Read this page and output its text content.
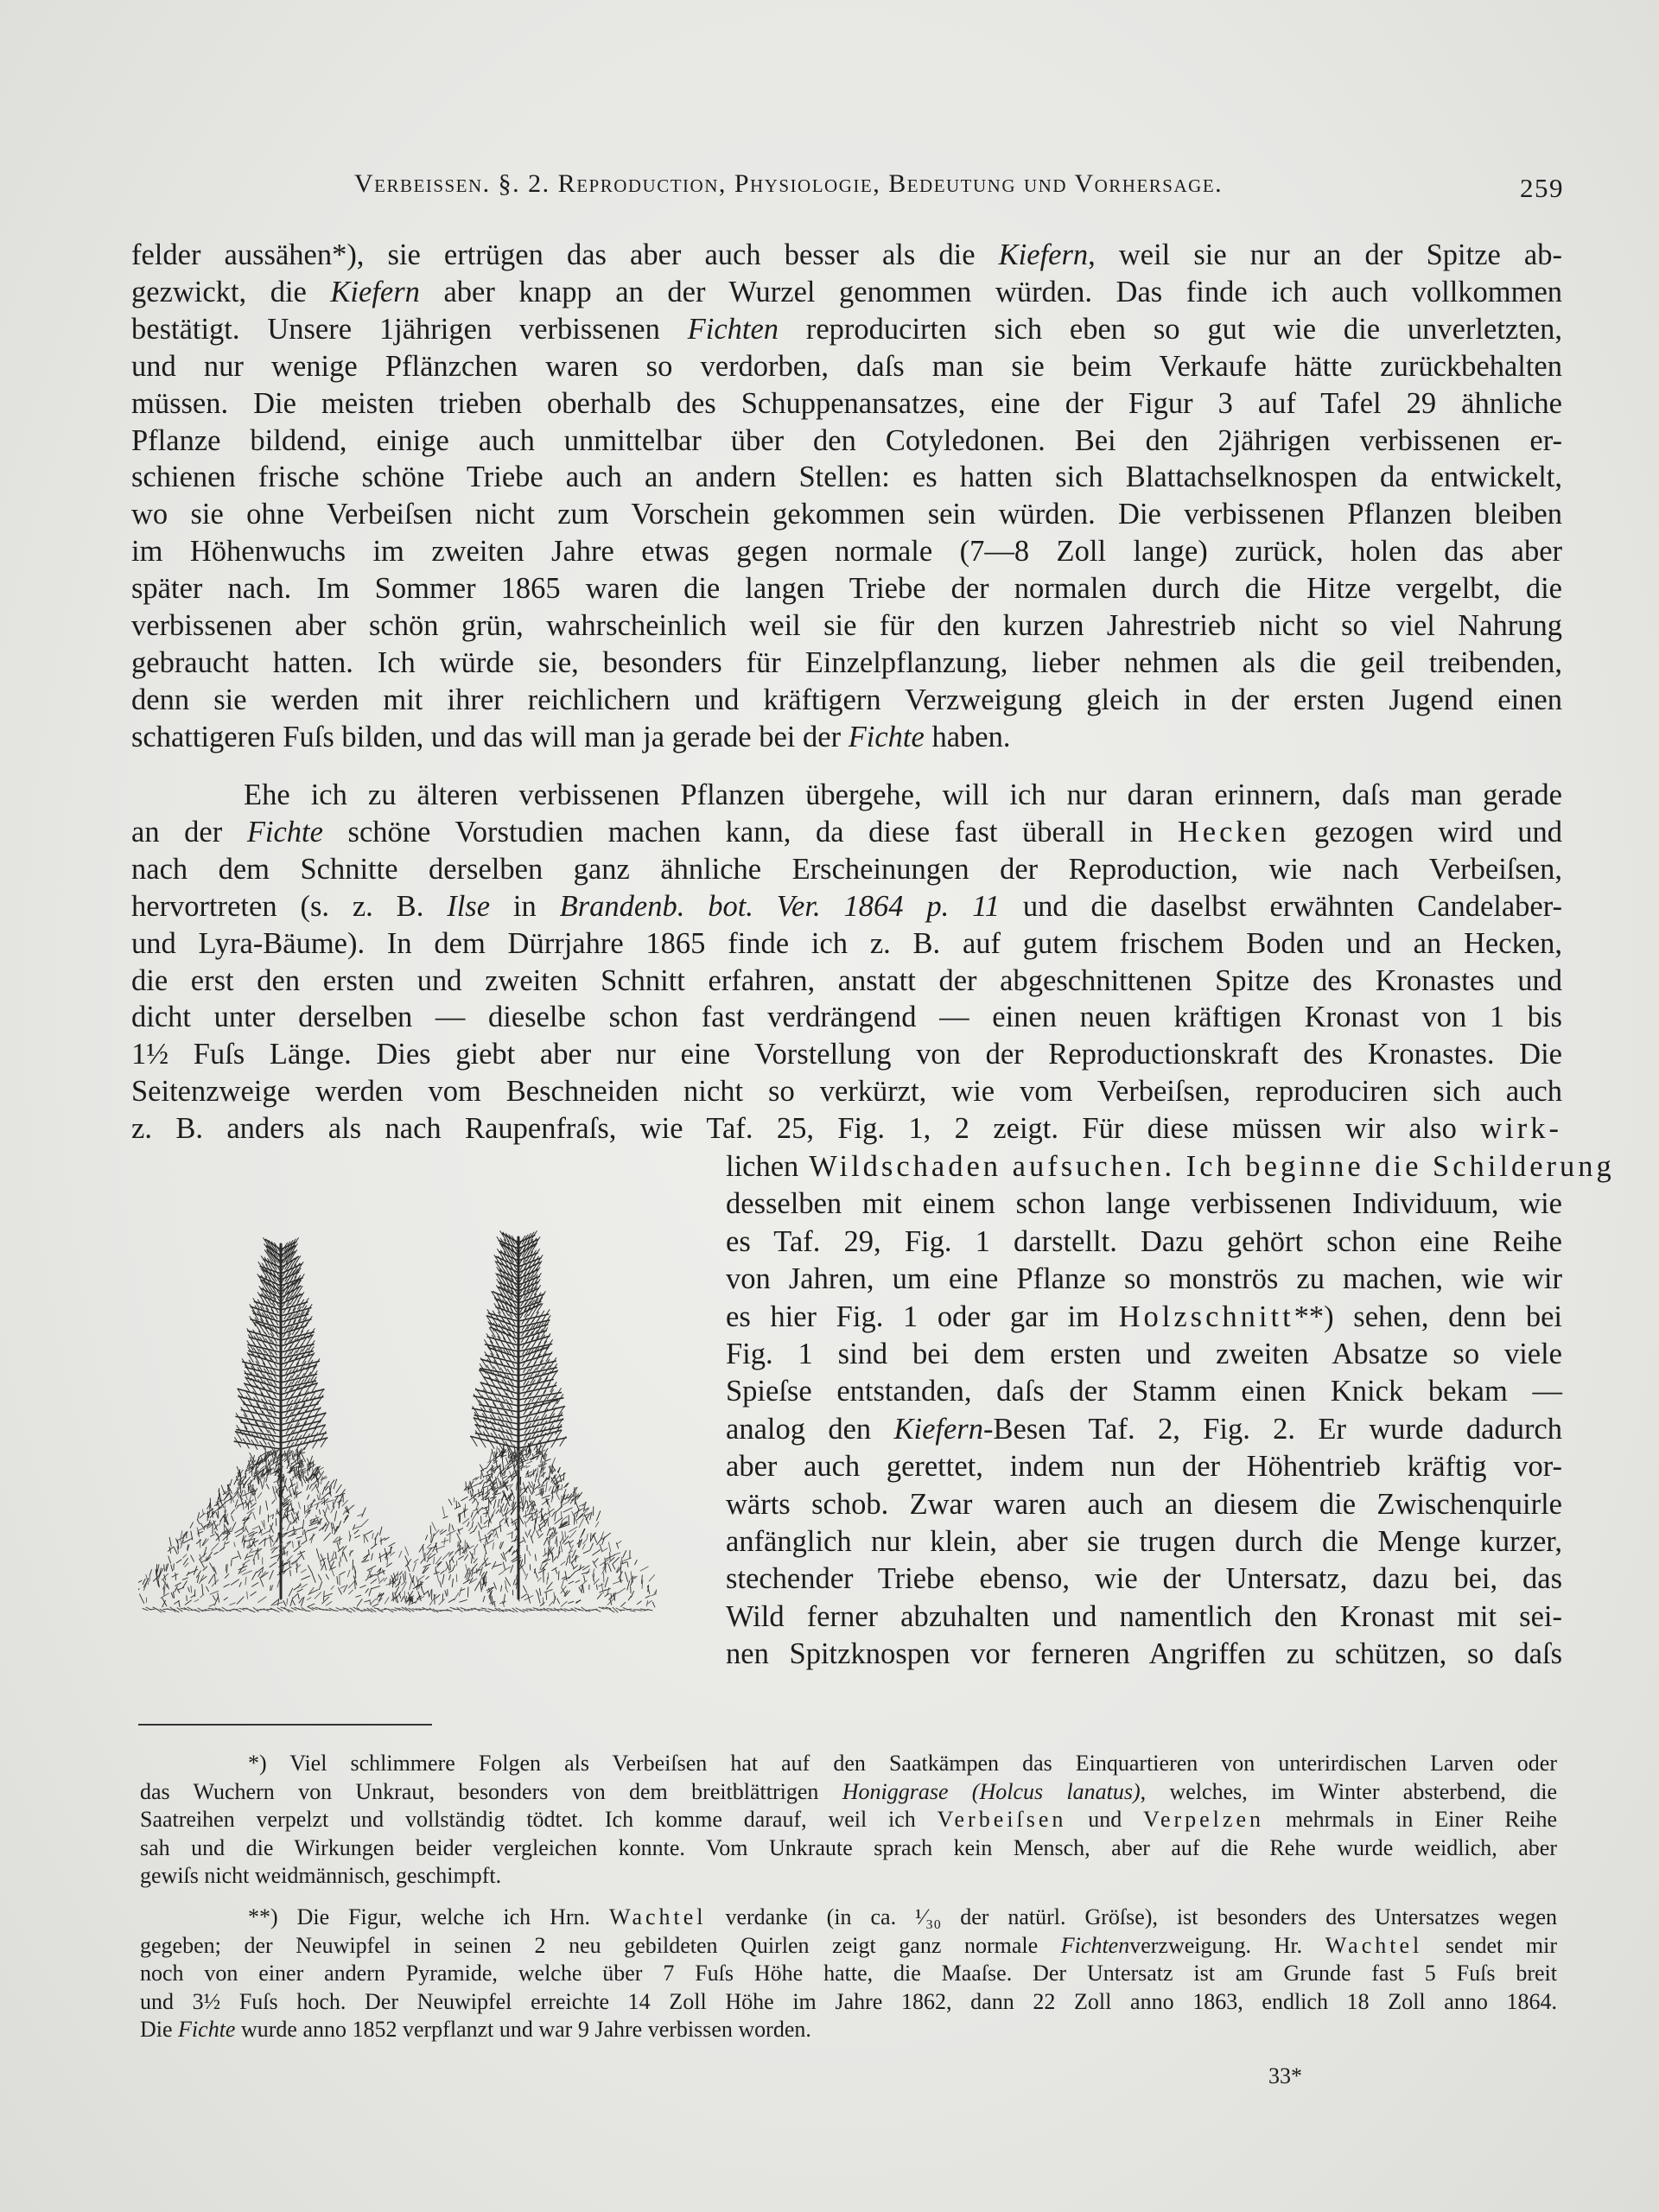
Verbeissen. §. 2. Reproduction, Physiologie, Bedeutung und Vorhersage.	259
felder aussähen*), sie ertrügen das aber auch besser als die Kiefern, weil sie nur an der Spitze ab-
gezwickt, die Kiefern aber knapp an der Wurzel genommen würden. Das finde ich auch vollkommen
bestätigt. Unsere 1jährigen verbissenen Fichten reproducirten sich eben so gut wie die unverletzten,
und nur wenige Pflänzchen waren so verdorben, daſs man sie beim Verkaufe hätte zurückbehalten
müssen. Die meisten trieben oberhalb des Schuppenansatzes, eine der Figur 3 auf Tafel 29 ähnliche
Pflanze bildend, einige auch unmittelbar über den Cotyledonen. Bei den 2jährigen verbissenen er-
schienen frische schöne Triebe auch an andern Stellen: es hatten sich Blattachselknospen da entwickelt,
wo sie ohne Verbeiſsen nicht zum Vorschein gekommen sein würden. Die verbissenen Pflanzen bleiben
im Höhenwuchs im zweiten Jahre etwas gegen normale (7—8 Zoll lange) zurück, holen das aber
später nach. Im Sommer 1865 waren die langen Triebe der normalen durch die Hitze vergelbt, die
verbissenen aber schön grün, wahrscheinlich weil sie für den kurzen Jahrestrieb nicht so viel Nahrung
gebraucht hatten. Ich würde sie, besonders für Einzelpflanzung, lieber nehmen als die geil treibenden,
denn sie werden mit ihrer reichlichern und kräftigern Verzweigung gleich in der ersten Jugend einen
schattigeren Fuſs bilden, und das will man ja gerade bei der Fichte haben.
Ehe ich zu älteren verbissenen Pflanzen übergehe, will ich nur daran erinnern, daſs man gerade
an der Fichte schöne Vorstudien machen kann, da diese fast überall in Hecken gezogen wird und
nach dem Schnitte derselben ganz ähnliche Erscheinungen der Reproduction, wie nach Verbeiſsen,
hervortreten (s. z. B. Ilse in Brandenb. bot. Ver. 1864 p. 11 und die daselbst erwähnten Candelaber-
und Lyra-Bäume). In dem Dürrjahre 1865 finde ich z. B. auf gutem frischem Boden und an Hecken,
die erst den ersten und zweiten Schnitt erfahren, anstatt der abgeschnittenen Spitze des Kronastes und
dicht unter derselben — dieselbe schon fast verdrängend — einen neuen kräftigen Kronast von 1 bis
1½ Fuſs Länge. Dies giebt aber nur eine Vorstellung von der Reproductionskraft des Kronastes. Die
Seitenzweige werden vom Beschneiden nicht so verkürzt, wie vom Verbeiſsen, reproduciren sich auch
z. B. anders als nach Raupenfraſs, wie Taf. 25, Fig. 1, 2 zeigt. Für diese müssen wir also wirk-
lichen Wildschaden aufsuchen. Ich beginne die Schilderung
desselben mit einem schon lange verbissenen Individuum, wie
es Taf. 29, Fig. 1 darstellt. Dazu gehört schon eine Reihe
von Jahren, um eine Pflanze so monströs zu machen, wie wir
es hier Fig. 1 oder gar im Holzschnitt**) sehen, denn bei
Fig. 1 sind bei dem ersten und zweiten Absatze so viele
Spieſse entstanden, daſs der Stamm einen Knick bekam —
analog den Kiefern-Besen Taf. 2, Fig. 2. Er wurde dadurch
aber auch gerettet, indem nun der Höhentrieb kräftig vor-
wärts schob. Zwar waren auch an diesem die Zwischenquirle
anfänglich nur klein, aber sie trugen durch die Menge kurzer,
stechender Triebe ebenso, wie der Untersatz, dazu bei, das
Wild ferner abzuhalten und namentlich den Kronast mit sei-
nen Spitzknospen vor ferneren Angriffen zu schützen, so daſs
*) Viel schlimmere Folgen als Verbeiſsen hat auf den Saatkämpen das Einquartieren von unterirdischen Larven oder
das Wuchern von Unkraut, besonders von dem breitblättrigen Honiggrase (Holcus lanatus), welches, im Winter absterbend, die
Saatreihen verpelzt und vollständig tödtet. Ich komme darauf, weil ich Verbeiſsen und Verpelzen mehrmals in Einer Reihe
sah und die Wirkungen beider vergleichen konnte. Vom Unkraute sprach kein Mensch, aber auf die Rehe wurde weidlich, aber
gewiſs nicht weidmännisch, geschimpft.
**) Die Figur, welche ich Hrn. Wachtel verdanke (in ca. ¹⁄₃₀ der natürl. Gröſse), ist besonders des Untersatzes wegen
gegeben; der Neuwipfel in seinen 2 neu gebildeten Quirlen zeigt ganz normale Fichtenverzweigung. Hr. Wachtel sendet mir
noch von einer andern Pyramide, welche über 7 Fuſs Höhe hatte, die Maaſse. Der Untersatz ist am Grunde fast 5 Fuſs breit
und 3½ Fuſs hoch. Der Neuwipfel erreichte 14 Zoll Höhe im Jahre 1862, dann 22 Zoll anno 1863, endlich 18 Zoll anno 1864.
Die Fichte wurde anno 1852 verpflanzt und war 9 Jahre verbissen worden.
33*
